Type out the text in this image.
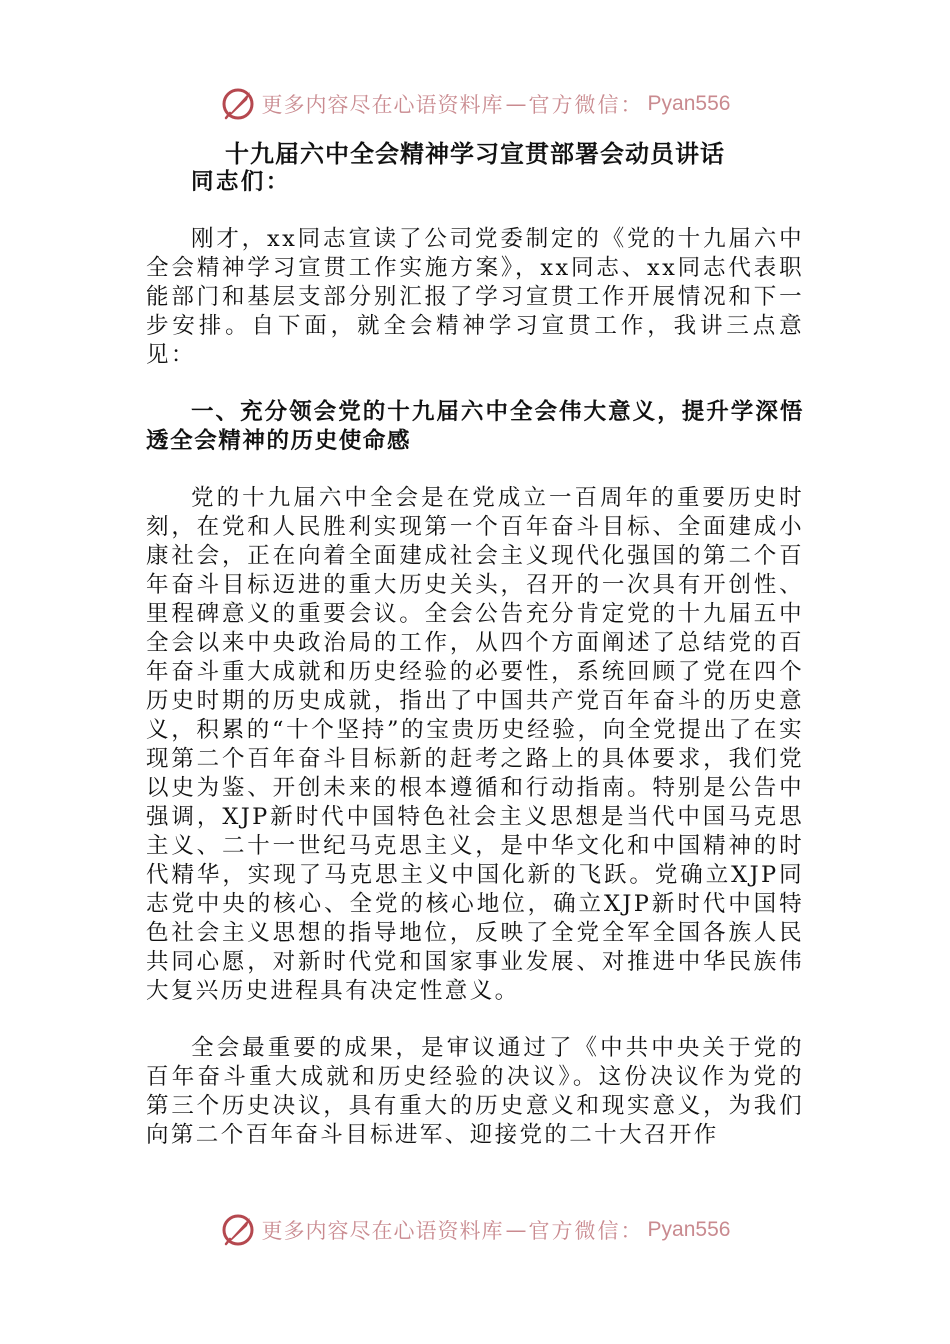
更多内容尽在心语资料库 — 官方微信： Pyan556
十九届六中全会精神学习宣贯部署会动员讲话

同志们：

刚才，xx同志宣读了公司党委制定的《党的十九届六中全会精神学习宣贯工作实施方案》，xx同志、xx同志代表职能部门和基层支部分别汇报了学习宣贯工作开展情况和下一步安排。自下面，就全会精神学习宣贯工作，我讲三点意见：

一、充分领会党的十九届六中全会伟大意义，提升学深悟透全会精神的历史使命感

党的十九届六中全会是在党成立一百周年的重要历史时刻，在党和人民胜利实现第一个百年奋斗目标、全面建成小康社会，正在向着全面建成社会主义现代化强国的第二个百年奋斗目标迈进的重大历史关头，召开的一次具有开创性、里程碑意义的重要会议。全会公告充分肯定党的十九届五中全会以来中央政治局的工作，从四个方面阐述了总结党的百年奋斗重大成就和历史经验的必要性，系统回顾了党在四个历史时期的历史成就，指出了中国共产党百年奋斗的历史意义，积累的“十个坚持”的宝贵历史经验，向全党提出了在实现第二个百年奋斗目标新的赶考之路上的具体要求，我们党以史为鉴、开创未来的根本遵循和行动指南。特别是公告中强调，XJP新时代中国特色社会主义思想是当代中国马克思主义、二十一世纪马克思主义，是中华文化和中国精神的时代精华，实现了马克思主义中国化新的飞跃。党确立XJP同志党中央的核心、全党的核心地位，确立XJP新时代中国特色社会主义思想的指导地位，反映了全党全军全国各族人民共同心愿，对新时代党和国家事业发展、对推进中华民族伟大复兴历史进程具有决定性意义。

全会最重要的成果，是审议通过了《中共中央关于党的百年奋斗重大成就和历史经验的决议》。这份决议作为党的第三个历史决议，具有重大的历史意义和现实意义，为我们向第二个百年奋斗目标进军、迎接党的二十大召开作

更多内容尽在心语资料库 — 官方微信： Pyan556
